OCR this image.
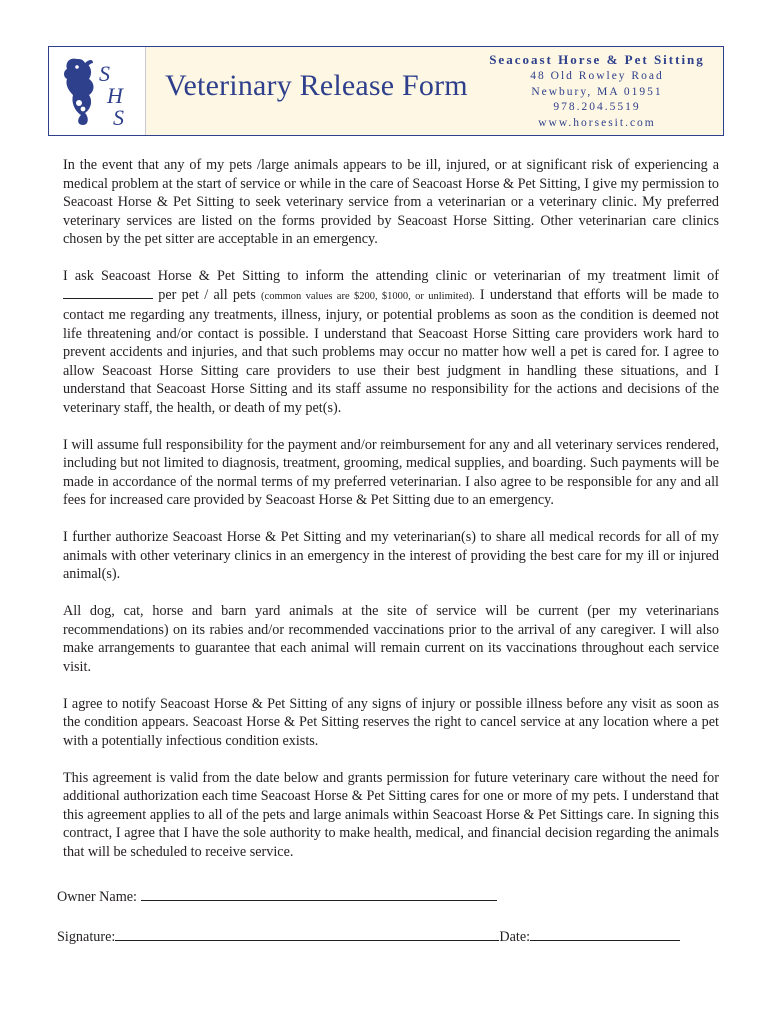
S
H
S
Veterinary Release Form
Seacoast Horse & Pet Sitting
48 Old Rowley Road
Newbury, MA 01951
978.204.5519
www.horsesit.com

In the event that any of my pets /large animals appears to be ill, injured, or at significant risk of experiencing a medical problem at the start of service or while in the care of Seacoast Horse & Pet Sitting, I give my permission to Seacoast Horse & Pet Sitting to seek veterinary service from a veterinarian or a veterinary clinic. My preferred veterinary services are listed on the forms provided by Seacoast Horse Sitting. Other veterinarian care clinics chosen by the pet sitter are acceptable in an emergency.

I ask Seacoast Horse & Pet Sitting to inform the attending clinic or veterinarian of my treatment limit of  per pet / all pets (common values are $200, $1000, or unlimited). I understand that efforts will be made to contact me regarding any treatments, illness, injury, or potential problems as soon as the condition is deemed not life threatening and/or contact is possible. I understand that Seacoast Horse Sitting care providers work hard to prevent accidents and injuries, and that such problems may occur no matter how well a pet is cared for. I agree to allow Seacoast Horse Sitting care providers to use their best judgment in handling these situations, and I understand that Seacoast Horse Sitting and its staff assume no responsibility for the actions and decisions of the veterinary staff, the health, or death of my pet(s).

I will assume full responsibility for the payment and/or reimbursement for any and all veterinary services rendered, including but not limited to diagnosis, treatment, grooming, medical supplies, and boarding. Such payments will be made in accordance of the normal terms of my preferred veterinarian. I also agree to be responsible for any and all fees for increased care provided by Seacoast Horse & Pet Sitting due to an emergency.

I further authorize Seacoast Horse & Pet Sitting and my veterinarian(s) to share all medical records for all of my animals with other veterinary clinics in an emergency in the interest of providing the best care for my ill or injured animal(s).

All dog, cat, horse and barn yard animals at the site of service will be current (per my veterinarians recommendations) on its rabies and/or recommended vaccinations prior to the arrival of any caregiver. I will also make arrangements to guarantee that each animal will remain current on its vaccinations throughout each service visit.

I agree to notify Seacoast Horse & Pet Sitting of any signs of injury or possible illness before any visit as soon as the condition appears. Seacoast Horse & Pet Sitting reserves the right to cancel service at any location where a pet with a potentially infectious condition exists.

This agreement is valid from the date below and grants permission for future veterinary care without the need for additional authorization each time Seacoast Horse & Pet Sitting cares for one or more of my pets. I understand that this agreement applies to all of the pets and large animals within Seacoast Horse & Pet Sittings care. In signing this contract, I agree that I have the sole authority to make health, medical, and financial decision regarding the animals that will be scheduled to receive service.

Owner Name:
Signature:	Date:
